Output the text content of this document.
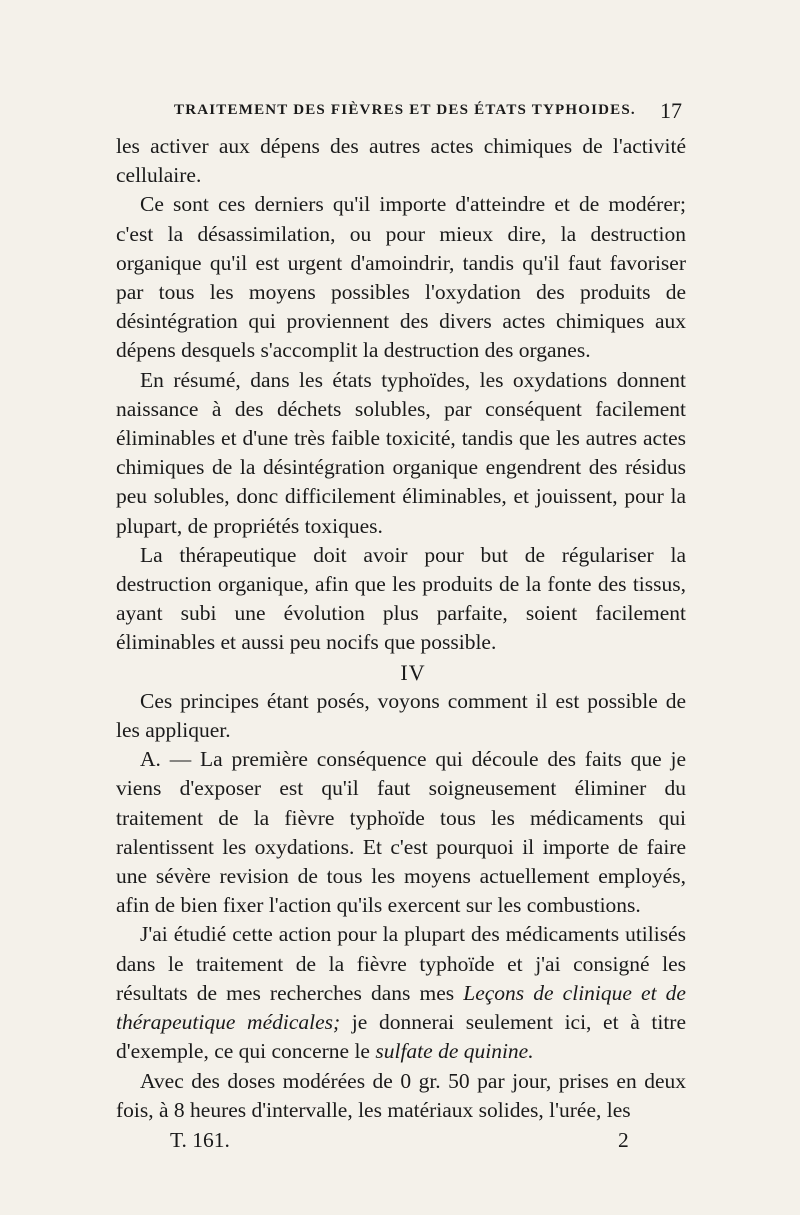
TRAITEMENT DES FIÈVRES ET DES ÉTATS TYPHOIDES. 17

les activer aux dépens des autres actes chimiques de l'activité cellulaire.

Ce sont ces derniers qu'il importe d'atteindre et de modérer; c'est la désassimilation, ou pour mieux dire, la destruction organique qu'il est urgent d'amoindrir, tandis qu'il faut favoriser par tous les moyens possibles l'oxydation des produits de désintégration qui proviennent des divers actes chimiques aux dépens desquels s'accomplit la destruction des organes.

En résumé, dans les états typhoïdes, les oxydations donnent naissance à des déchets solubles, par conséquent facilement éliminables et d'une très faible toxicité, tandis que les autres actes chimiques de la désintégration organique engendrent des résidus peu solubles, donc difficilement éliminables, et jouissent, pour la plupart, de propriétés toxiques.

La thérapeutique doit avoir pour but de régulariser la destruction organique, afin que les produits de la fonte des tissus, ayant subi une évolution plus parfaite, soient facilement éliminables et aussi peu nocifs que possible.

IV

Ces principes étant posés, voyons comment il est possible de les appliquer.

A. — La première conséquence qui découle des faits que je viens d'exposer est qu'il faut soigneusement éliminer du traitement de la fièvre typhoïde tous les médicaments qui ralentissent les oxydations. Et c'est pourquoi il importe de faire une sévère revision de tous les moyens actuellement employés, afin de bien fixer l'action qu'ils exercent sur les combustions.

J'ai étudié cette action pour la plupart des médicaments utilisés dans le traitement de la fièvre typhoïde et j'ai consigné les résultats de mes recherches dans mes Leçons de clinique et de thérapeutique médicales; je donnerai seulement ici, et à titre d'exemple, ce qui concerne le sulfate de quinine.

Avec des doses modérées de 0 gr. 50 par jour, prises en deux fois, à 8 heures d'intervalle, les matériaux solides, l'urée, les

T. 161.	2
